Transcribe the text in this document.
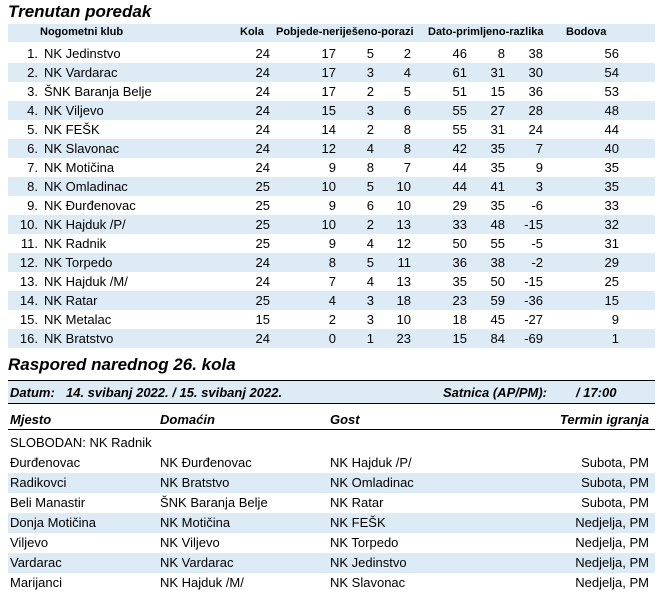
Trenutan poredak
Nogometni klub	Kola Pobjede-neriješeno-porazi Dato-primljeno-razlika Bodova
1. NK Jedinstvo	24	17	5	2	46	8	38	56
2. NK Vardarac	24	17	3	4	61	31	30	54
3. ŠNK Baranja Belje	24	17	2	5	51	15	36	53
4. NK Viljevo	24	15	3	6	55	27	28	48
5. NK FEŠK	24	14	2	8	55	31	24	44
6. NK Slavonac	24	12	4	8	42	35	7	40
7. NK Motičina	24	9	8	7	44	35	9	35
8. NK Omladinac	25	10	5	10	44	41	3	35
9. NK Đurđenovac	25	9	6	10	29	35	-6	33
10. NK Hajduk /P/	25	10	2	13	33	48	-15	32
11. NK Radnik	25	9	4	12	50	55	-5	31
12. NK Torpedo	24	8	5	11	36	38	-2	29
13. NK Hajduk /M/	24	7	4	13	35	50	-15	25
14. NK Ratar	25	4	3	18	23	59	-36	15
15. NK Metalac	15	2	3	10	18	45	-27	9
16. NK Bratstvo	24	0	1	23	15	84	-69	1
Raspored narednog 26. kola
Datum: 14. svibanj 2022. / 15. svibanj 2022.	Satnica (AP/PM): / 17:00
Mjesto	Domaćin	Gost	Termin igranja
SLOBODAN: NK Radnik
Đurđenovac	NK Đurđenovac	NK Hajduk /P/	Subota, PM
Radikovci	NK Bratstvo	NK Omladinac	Subota, PM
Beli Manastir	ŠNK Baranja Belje	NK Ratar	Subota, PM
Donja Motičina	NK Motičina	NK FEŠK	Nedjelja, PM
Viljevo	NK Viljevo	NK Torpedo	Nedjelja, PM
Vardarac	NK Vardarac	NK Jedinstvo	Nedjelja, PM
Marijanci	NK Hajduk /M/	NK Slavonac	Nedjelja, PM
